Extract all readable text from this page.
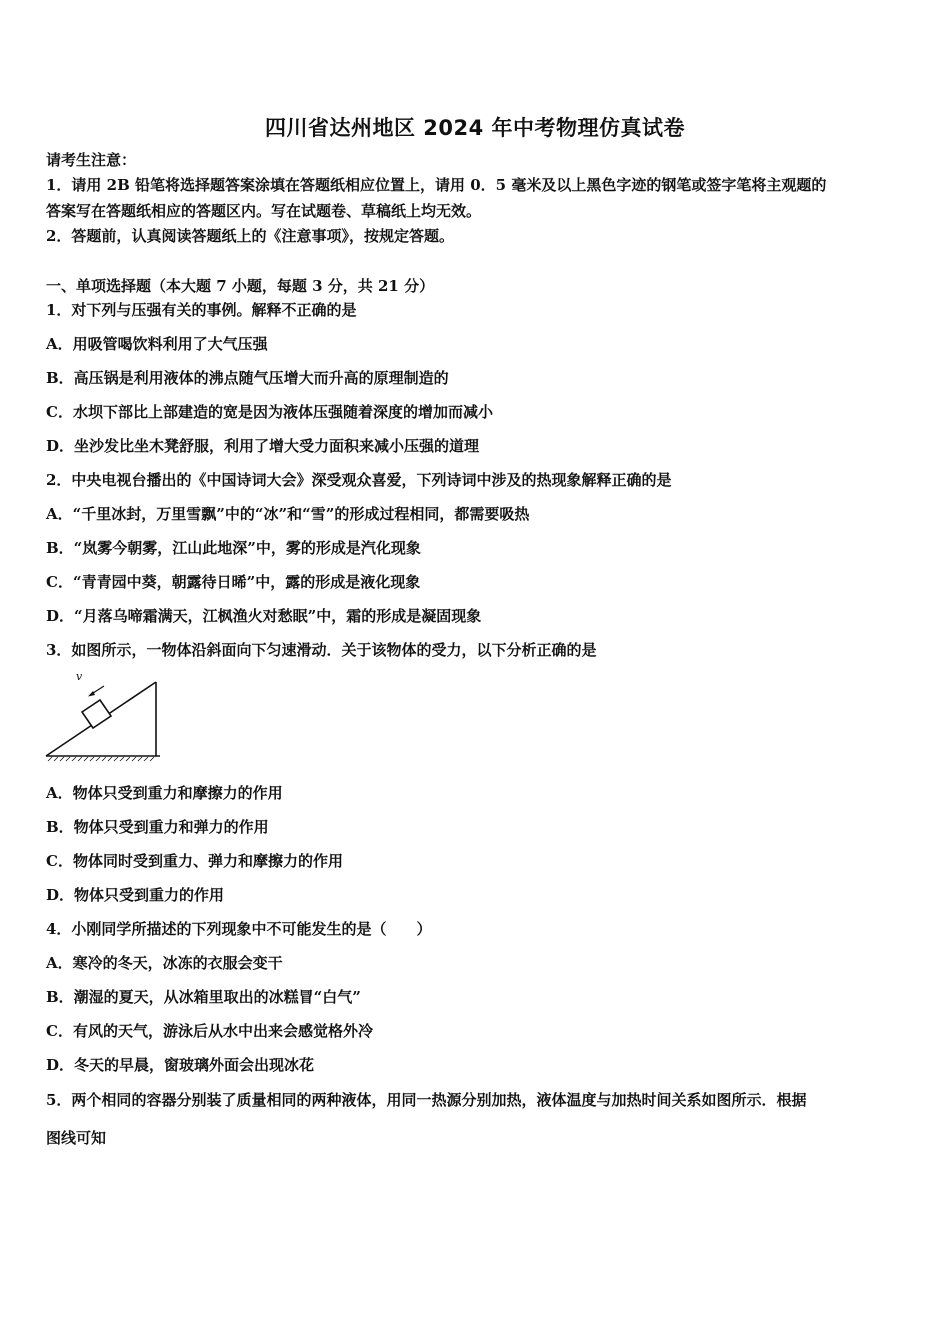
四川省达州地区 2024 年中考物理仿真试卷
请考生注意：
1．请用 2B 铅笔将选择题答案涂填在答题纸相应位置上，请用 0．5 毫米及以上黑色字迹的钢笔或签字笔将主观题的
答案写在答题纸相应的答题区内。写在试题卷、草稿纸上均无效。
2．答题前，认真阅读答题纸上的《注意事项》，按规定答题。
一、单项选择题（本大题 7 小题，每题 3 分，共 21 分）
1．对下列与压强有关的事例。解释不正确的是
A．用吸管喝饮料利用了大气压强
B．高压锅是利用液体的沸点随气压增大而升高的原理制造的
C．水坝下部比上部建造的宽是因为液体压强随着深度的增加而减小
D．坐沙发比坐木凳舒服，利用了增大受力面积来减小压强的道理
2．中央电视台播出的《中国诗词大会》深受观众喜爱，下列诗词中涉及的热现象解释正确的是
A．“千里冰封，万里雪飘”中的“冰”和“雪”的形成过程相同，都需要吸热
B．“岚雾今朝雾，江山此地深”中，雾的形成是汽化现象
C．“青青园中葵，朝露待日晞”中，露的形成是液化现象
D．“月落乌啼霜满天，江枫渔火对愁眠”中，霜的形成是凝固现象
3．如图所示，一物体沿斜面向下匀速滑动．关于该物体的受力，以下分析正确的是
v
A．物体只受到重力和摩擦力的作用
B．物体只受到重力和弹力的作用
C．物体同时受到重力、弹力和摩擦力的作用
D．物体只受到重力的作用
4．小刚同学所描述的下列现象中不可能发生的是（　　）
A．寒冷的冬天，冰冻的衣服会变干
B．潮湿的夏天，从冰箱里取出的冰糕冒“白气”
C．有风的天气，游泳后从水中出来会感觉格外冷
D．冬天的早晨，窗玻璃外面会出现冰花
5．两个相同的容器分别装了质量相同的两种液体，用同一热源分别加热，液体温度与加热时间关系如图所示．根据
图线可知
